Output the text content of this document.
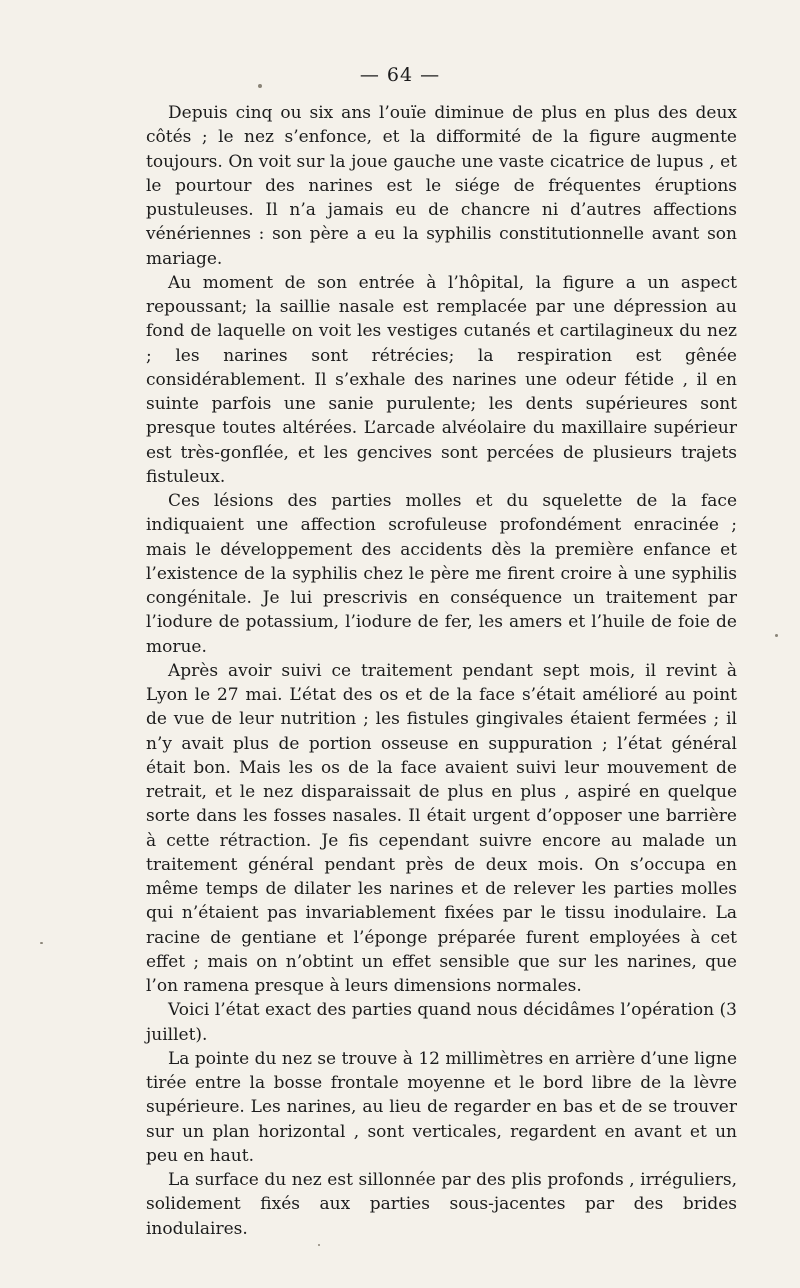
— 64 —

Depuis cinq ou six ans l’ouïe diminue de plus en plus des deux côtés ; le nez s’enfonce, et la difformité de la figure augmente toujours. On voit sur la joue gauche une vaste cicatrice de lupus , et le pourtour des narines est le siége de fréquentes éruptions pustuleuses. Il n’a jamais eu de chancre ni d’autres affections vénériennes : son père a eu la syphilis constitutionnelle avant son mariage.

Au moment de son entrée à l’hôpital, la figure a un aspect repoussant; la saillie nasale est remplacée par une dépression au fond de laquelle on voit les vestiges cutanés et cartilagineux du nez ; les narines sont rétrécies; la respiration est gênée considérablement. Il s’exhale des narines une odeur fétide , il en suinte parfois une sanie purulente; les dents supérieures sont presque toutes altérées. L’arcade alvéolaire du maxillaire supérieur est très-gonflée, et les gencives sont percées de plusieurs trajets fistuleux.

Ces lésions des parties molles et du squelette de la face indiquaient une affection scrofuleuse profondément enracinée ; mais le développement des accidents dès la première enfance et l’existence de la syphilis chez le père me firent croire à une syphilis congénitale. Je lui prescrivis en conséquence un traitement par l’iodure de potassium, l’iodure de fer, les amers et l’huile de foie de morue.

Après avoir suivi ce traitement pendant sept mois, il revint à Lyon le 27 mai. L’état des os et de la face s’était amélioré au point de vue de leur nutrition ; les fistules gingivales étaient fermées ; il n’y avait plus de portion osseuse en suppuration ; l’état général était bon. Mais les os de la face avaient suivi leur mouvement de retrait, et le nez disparaissait de plus en plus , aspiré en quelque sorte dans les fosses nasales. Il était urgent d’opposer une barrière à cette rétraction. Je fis cependant suivre encore au malade un traitement général pendant près de deux mois. On s’occupa en même temps de dilater les narines et de relever les parties molles qui n’étaient pas invariablement fixées par le tissu inodulaire. La racine de gentiane et l’éponge préparée furent employées à cet effet ; mais on n’obtint un effet sensible que sur les narines, que l’on ramena presque à leurs dimensions normales.

Voici l’état exact des parties quand nous décidâmes l’opération (3 juillet).

La pointe du nez se trouve à 12 millimètres en arrière d’une ligne tirée entre la bosse frontale moyenne et le bord libre de la lèvre supérieure. Les narines, au lieu de regarder en bas et de se trouver sur un plan horizontal , sont verticales, regardent en avant et un peu en haut.

La surface du nez est sillonnée par des plis profonds , irréguliers, solidement fixés aux parties sous-jacentes par des brides inodulaires.
